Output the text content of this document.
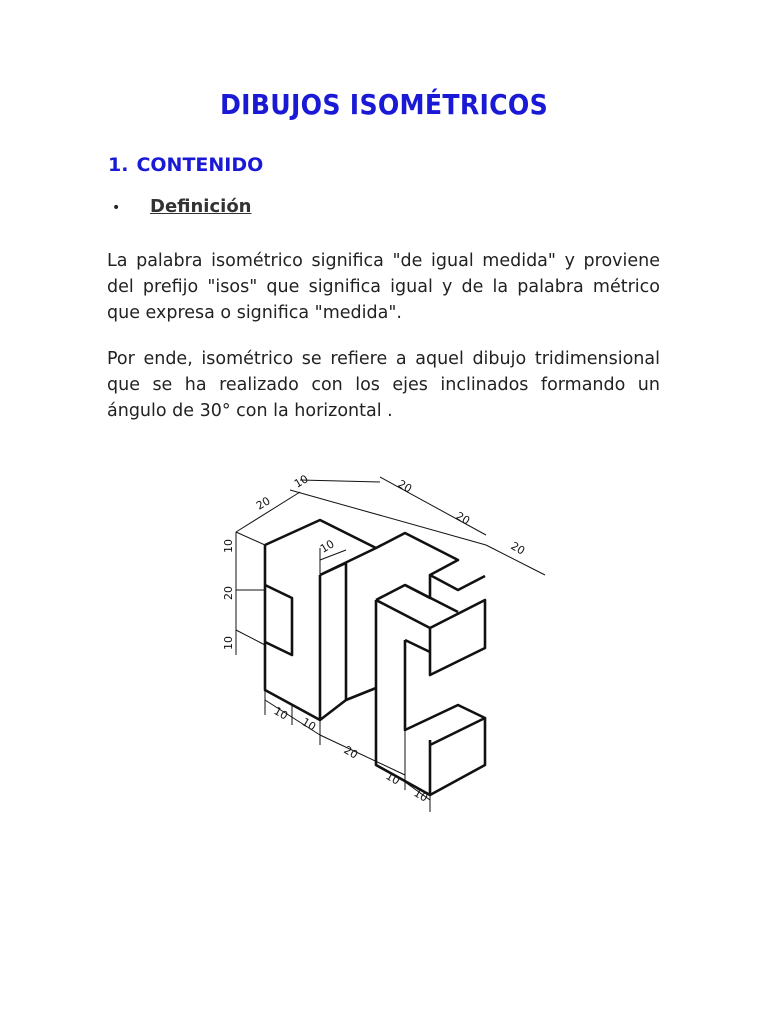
DIBUJOS ISOMÉTRICOS
1. CONTENIDO
• Definición

La palabra isométrico significa "de igual medida" y proviene del prefijo "isos" que significa igual y de la palabra métrico que expresa o significa "medida".

Por ende, isométrico se refiere a aquel dibujo tridimensional que se ha realizado con los ejes inclinados formando un ángulo de 30° con la horizontal .

20
10	20
20
20
10
10
20
10
10
10
20
10
10
